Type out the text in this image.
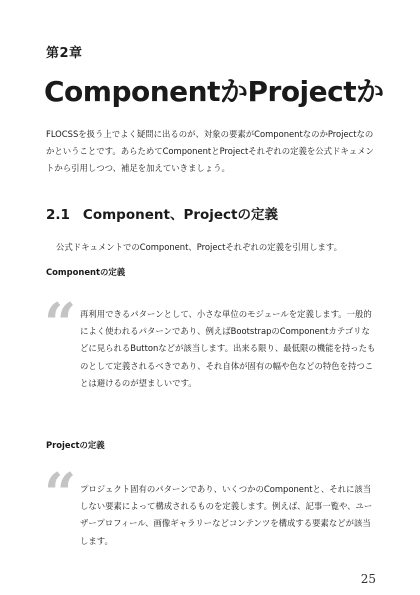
第2章
ComponentかProjectか

FLOCSSを扱う上でよく疑問に出るのが、対象の要素がComponentなのかProjectなのかということです。あらためてComponentとProjectそれぞれの定義を公式ドキュメントから引用しつつ、補足を加えていきましょう。

2.1 Component、Projectの定義

公式ドキュメントでのComponent、Projectそれぞれの定義を引用します。

Componentの定義
“ 再利用できるパターンとして、小さな単位のモジュールを定義します。一般的によく使われるパターンであり、例えばBootstrapのComponentカテゴリなどに見られるButtonなどが該当します。出来る限り、最低限の機能を持ったものとして定義されるべきであり、それ自体が固有の幅や色などの特色を持つことは避けるのが望ましいです。

Projectの定義
“ プロジェクト固有のパターンであり、いくつかのComponentと、それに該当しない要素によって構成されるものを定義します。例えば、記事一覧や、ユーザープロフィール、画像ギャラリーなどコンテンツを構成する要素などが該当します。

25
